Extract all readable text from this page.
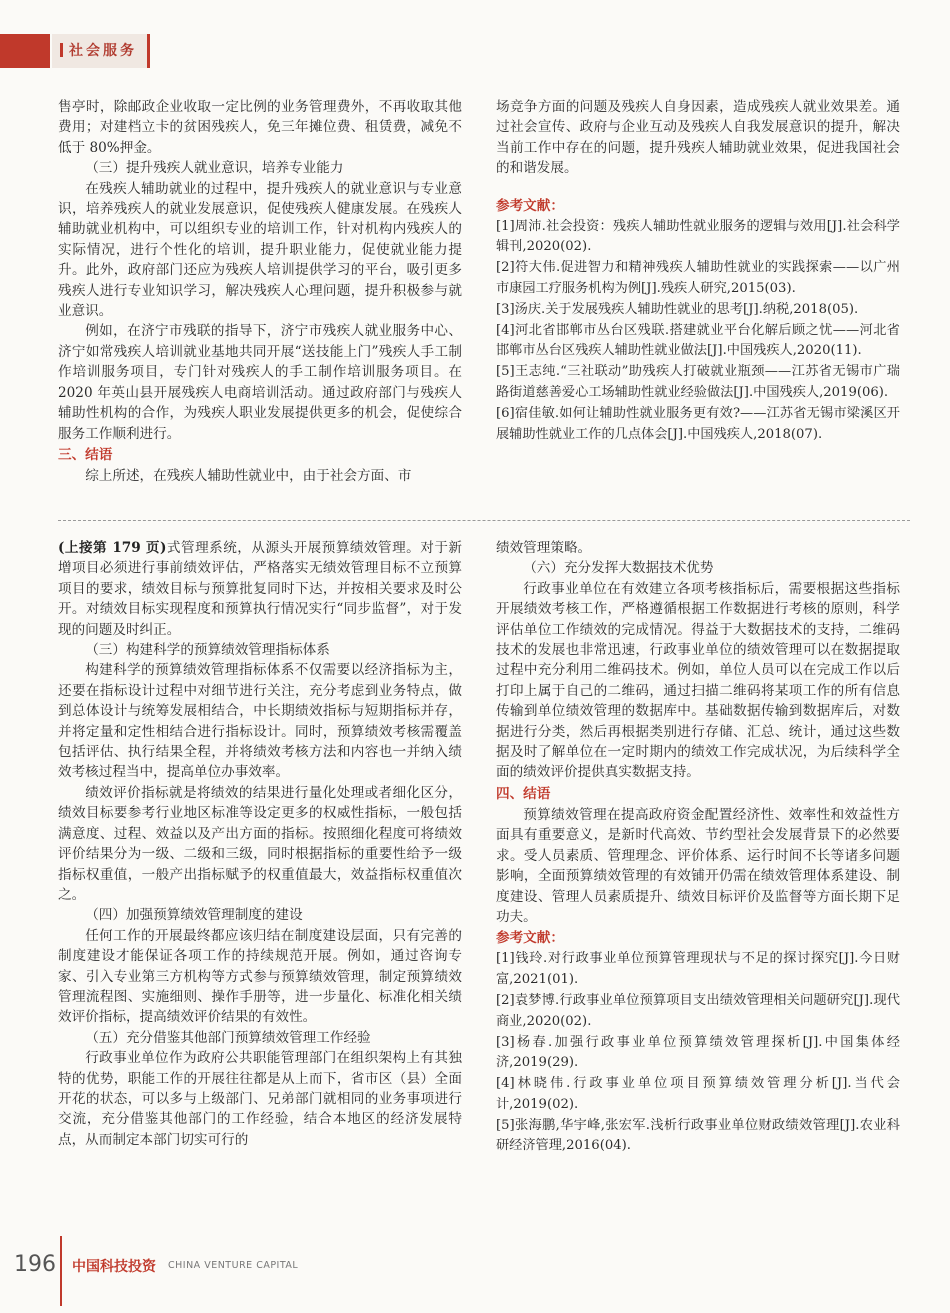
社会服务

售亭时，除邮政企业收取一定比例的业务管理费外，不再收取其他费用；对建档立卡的贫困残疾人，免三年摊位费、租赁费，减免不低于 80%押金。

（三）提升残疾人就业意识，培养专业能力

在残疾人辅助就业的过程中，提升残疾人的就业意识与专业意识，培养残疾人的就业发展意识，促使残疾人健康发展。在残疾人辅助就业机构中，可以组织专业的培训工作，针对机构内残疾人的实际情况，进行个性化的培训，提升职业能力，促使就业能力提升。此外，政府部门还应为残疾人培训提供学习的平台，吸引更多残疾人进行专业知识学习，解决残疾人心理问题，提升积极参与就业意识。

例如，在济宁市残联的指导下，济宁市残疾人就业服务中心、济宁如常残疾人培训就业基地共同开展“送技能上门”残疾人手工制作培训服务项目，专门针对残疾人的手工制作培训服务项目。在 2020 年英山县开展残疾人电商培训活动。通过政府部门与残疾人辅助性机构的合作，为残疾人职业发展提供更多的机会，促使综合服务工作顺利进行。

三、结语

综上所述，在残疾人辅助性就业中，由于社会方面、市

场竞争方面的问题及残疾人自身因素，造成残疾人就业效果差。通过社会宣传、政府与企业互动及残疾人自我发展意识的提升，解决当前工作中存在的问题，提升残疾人辅助就业效果，促进我国社会的和谐发展。

参考文献：

[1]周沛.社会投资：残疾人辅助性就业服务的逻辑与效用[J].社会科学辑刊,2020(02).

[2]符大伟.促进智力和精神残疾人辅助性就业的实践探索——以广州市康园工疗服务机构为例[J].残疾人研究,2015(03).

[3]汤庆.关于发展残疾人辅助性就业的思考[J].纳税,2018(05).

[4]河北省邯郸市丛台区残联.搭建就业平台化解后顾之忧——河北省邯郸市丛台区残疾人辅助性就业做法[J].中国残疾人,2020(11).

[5]王志纯.“三社联动”助残疾人打破就业瓶颈——江苏省无锡市广瑞路街道慈善爱心工场辅助性就业经验做法[J].中国残疾人,2019(06).

[6]宿佳敏.如何让辅助性就业服务更有效?——江苏省无锡市梁溪区开展辅助性就业工作的几点体会[J].中国残疾人,2018(07).

(上接第 179 页)式管理系统，从源头开展预算绩效管理。对于新增项目必须进行事前绩效评估，严格落实无绩效管理目标不立预算项目的要求，绩效目标与预算批复同时下达，并按相关要求及时公开。对绩效目标实现程度和预算执行情况实行“同步监督”，对于发现的问题及时纠正。

（三）构建科学的预算绩效管理指标体系

构建科学的预算绩效管理指标体系不仅需要以经济指标为主，还要在指标设计过程中对细节进行关注，充分考虑到业务特点，做到总体设计与统筹发展相结合，中长期绩效指标与短期指标并存，并将定量和定性相结合进行指标设计。同时，预算绩效考核需覆盖包括评估、执行结果全程，并将绩效考核方法和内容也一并纳入绩效考核过程当中，提高单位办事效率。

绩效评价指标就是将绩效的结果进行量化处理或者细化区分，绩效目标要参考行业地区标准等设定更多的权威性指标，一般包括满意度、过程、效益以及产出方面的指标。按照细化程度可将绩效评价结果分为一级、二级和三级，同时根据指标的重要性给予一级指标权重值，一般产出指标赋予的权重值最大，效益指标权重值次之。

（四）加强预算绩效管理制度的建设

任何工作的开展最终都应该归结在制度建设层面，只有完善的制度建设才能保证各项工作的持续规范开展。例如，通过咨询专家、引入专业第三方机构等方式参与预算绩效管理，制定预算绩效管理流程图、实施细则、操作手册等，进一步量化、标准化相关绩效评价指标，提高绩效评价结果的有效性。

（五）充分借鉴其他部门预算绩效管理工作经验

行政事业单位作为政府公共职能管理部门在组织架构上有其独特的优势，职能工作的开展往往都是从上而下，省市区（县）全面开花的状态，可以多与上级部门、兄弟部门就相同的业务事项进行交流，充分借鉴其他部门的工作经验，结合本地区的经济发展特点，从而制定本部门切实可行的

绩效管理策略。

（六）充分发挥大数据技术优势

行政事业单位在有效建立各项考核指标后，需要根据这些指标开展绩效考核工作，严格遵循根据工作数据进行考核的原则，科学评估单位工作绩效的完成情况。得益于大数据技术的支持，二维码技术的发展也非常迅速，行政事业单位的绩效管理可以在数据提取过程中充分利用二维码技术。例如，单位人员可以在完成工作以后打印上属于自己的二维码，通过扫描二维码将某项工作的所有信息传输到单位绩效管理的数据库中。基础数据传输到数据库后，对数据进行分类，然后再根据类别进行存储、汇总、统计，通过这些数据及时了解单位在一定时期内的绩效工作完成状况，为后续科学全面的绩效评价提供真实数据支持。

四、结语

预算绩效管理在提高政府资金配置经济性、效率性和效益性方面具有重要意义，是新时代高效、节约型社会发展背景下的必然要求。受人员素质、管理理念、评价体系、运行时间不长等诸多问题影响，全面预算绩效管理的有效铺开仍需在绩效管理体系建设、制度建设、管理人员素质提升、绩效目标评价及监督等方面长期下足功夫。

参考文献：

[1]钱玲.对行政事业单位预算管理现状与不足的探讨探究[J].今日财富,2021(01).

[2]袁梦博.行政事业单位预算项目支出绩效管理相关问题研究[J].现代商业,2020(02).

[3]杨春.加强行政事业单位预算绩效管理探析[J].中国集体经济,2019(29).

[4]林晓伟.行政事业单位项目预算绩效管理分析[J].当代会计,2019(02).

[5]张海鹏,华宇峰,张宏军.浅析行政事业单位财政绩效管理[J].农业科研经济管理,2016(04).

196 中国科技投资 CHINA VENTURE CAPITAL
